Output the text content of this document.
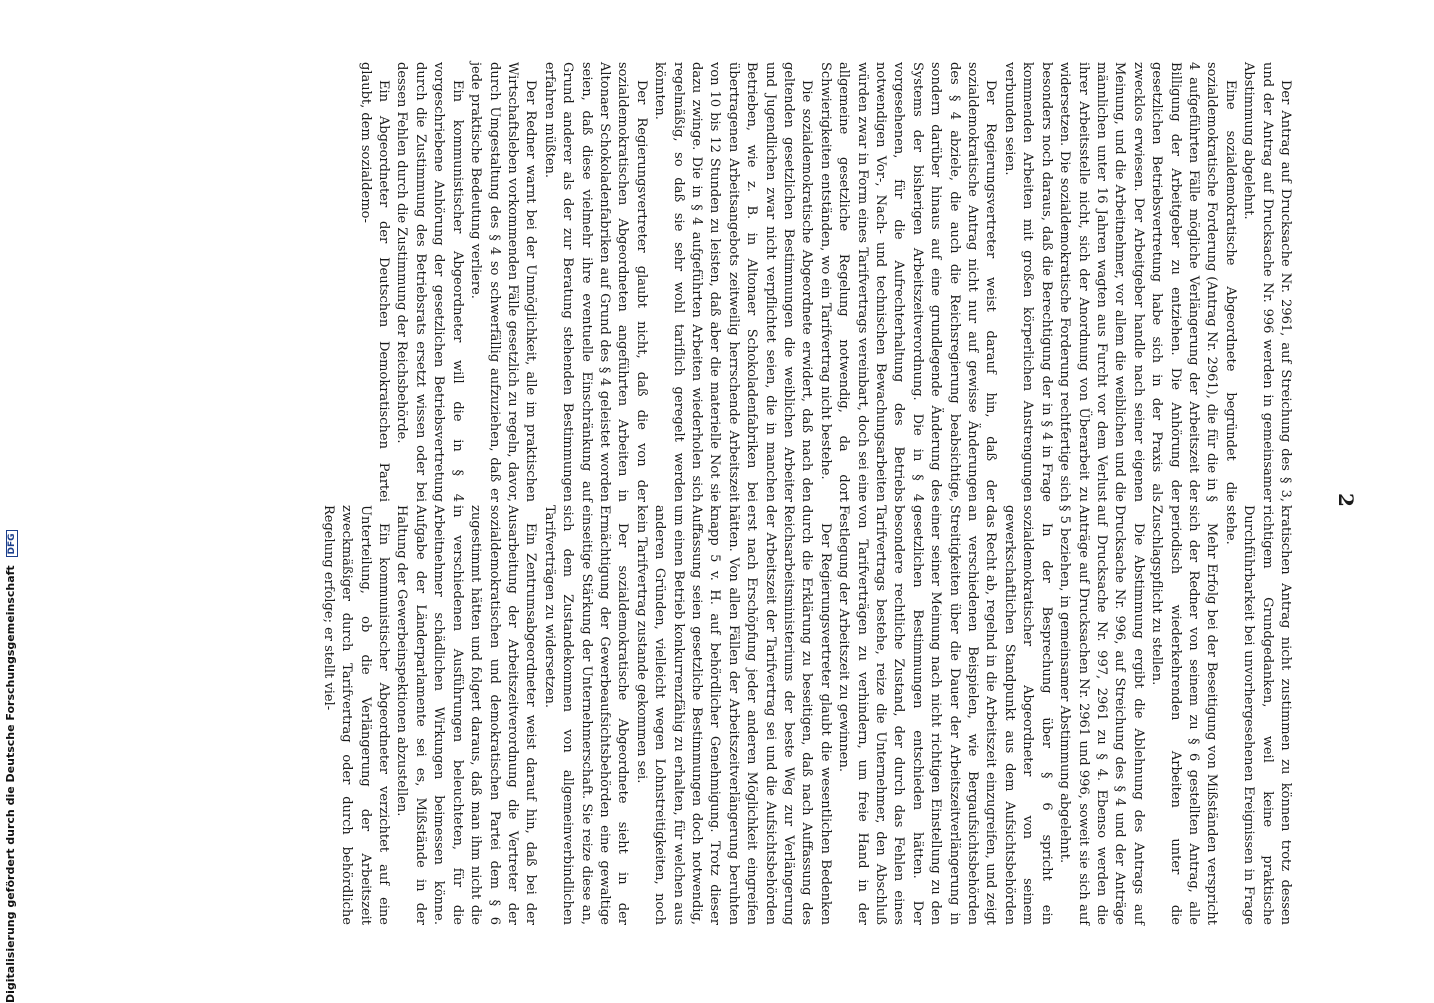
2

Der Antrag auf Drucksache Nr. 2961, auf Streichung des § 3, und der Antrag auf Drucksache Nr. 996 werden in gemeinsamer Abstimmung abgelehnt.

Eine sozialdemokratische Abgeordnete begründet die sozialdemokratische Forderung (Antrag Nr. 2961), die für die in § 4 aufgeführten Fälle mögliche Verlängerung der Arbeitszeit der Billigung der Arbeitgeber zu entziehen. Die Anhörung der gesetzlichen Betriebsvertretung habe sich in der Praxis als zwecklos erwiesen. Der Arbeitgeber handle nach seiner eigenen Meinung, und die Arbeitnehmer, vor allem die weiblichen und die männlichen unter 16 Jahren wagten aus Furcht vor dem Verlust ihrer Arbeitsstelle nicht, sich der Anordnung von Überarbeit zu widersetzen. Die sozialdemokratische Forderung rechtfertige sich besonders noch daraus, daß die Berechtigung der in § 4 in Frage kommenden Arbeiten mit großen körperlichen Anstrengungen verbunden seien.

Der Regierungsvertreter weist darauf hin, daß der sozialdemokratische Antrag nicht nur auf gewisse Änderungen des § 4 abziele, die auch die Reichsregierung beabsichtige, sondern darüber hinaus auf eine grundlegende Änderung des Systems der bisherigen Arbeitszeitverordnung. Die in § 4 vorgesehenen, für die Aufrechterhaltung des Betriebs notwendigen Vor-, Nach- und technischen Bewachungsarbeiten würden zwar in Form eines Tarifvertrags vereinbart, doch sei eine allgemeine gesetzliche Regelung notwendig, da dort Schwierigkeiten entständen, wo ein Tarifvertrag nicht bestehe.

Die sozialdemokratische Abgeordnete erwidert, daß nach den geltenden gesetzlichen Bestimmungen die weiblichen Arbeiter und Jugendlichen zwar nicht verpflichtet seien, die in manchen Betrieben, wie z. B. in Altonaer Schokoladenfabriken bei übertragenen Arbeitsangebots zeitweilig herrschende Arbeitszeit von 10 bis 12 Stunden zu leisten, daß aber die materielle Not sie dazu zwinge. Die in § 4 aufgeführten Arbeiten wiederholen sich regelmäßig, so daß sie sehr wohl tariflich geregelt werden könnten.

Der Regierungsvertreter glaubt nicht, daß die von der sozialdemokratischen Abgeordneten angeführten Arbeiten in Altonaer Schokoladenfabriken auf Grund des § 4 geleistet worden seien, daß diese vielmehr ihre eventuelle Einschränkung auf Grund anderer als der zur Beratung stehenden Bestimmungen erfahren müßten.

Der Redner warnt bei der Unmöglichkeit, alle im praktischen Wirtschaftsleben vorkommenden Fälle gesetzlich zu regeln, davor, durch Umgestaltung des § 4 so schwerfällig aufzuziehen, daß er jede praktische Bedeutung verliere.

Ein kommunistischer Abgeordneter will die in § 4 vorgeschriebene Anhörung der gesetzlichen Betriebsvertretung durch die Zustimmung des Betriebsrats ersetzt wissen oder bei dessen Fehlen durch die Zustimmung der Reichsbehörde.

Ein Abgeordneter der Deutschen Demokratischen Partei glaubt, dem sozialdemo-

kratischen Antrag nicht zustimmen zu können trotz dessen richtigem Grundgedanken, weil keine praktische Durchführbarkeit bei unvorhergesehenen Ereignissen in Frage stehe.

Mehr Erfolg bei der Beseitigung von Mißständen verspricht sich der Redner von seinem zu § 6 gestellten Antrag, alle periodisch wiederkehrenden Arbeiten unter die Zuschlagspflicht zu stellen.

Die Abstimmung ergibt die Ablehnung des Antrags auf Drucksache Nr. 996, auf Streichung des § 4 und der Anträge auf Drucksache Nr. 997, 2961 zu § 4. Ebenso werden die Anträge auf Drucksachen Nr. 2961 und 996, soweit sie sich auf § 5 beziehen, in gemeinsamer Abstimmung abgelehnt.

In der Besprechung über § 6 spricht ein sozialdemokratischer Abgeordneter von seinem gewerkschaftlichen Standpunkt aus dem Aufsichtsbehörden das Recht ab, regelnd in die Arbeitszeit einzugreifen, und zeigt an verschiedenen Beispielen, wie Bergaufsichtsbehörden Streitigkeiten über die Dauer der Arbeitszeitverlängerung in einer seiner Meinung nach nicht richtigen Einstellung zu den gesetzlichen Bestimmungen entschieden hätten. Der besondere rechtliche Zustand, der durch das Fehlen eines Tarifvertrags bestehe, reize die Unternehmer, den Abschluß von Tarifverträgen zu verhindern, um freie Hand in der Festlegung der Arbeitszeit zu gewinnen.

Der Regierungsvertreter glaubt die wesentlichen Bedenken durch die Erklärung zu beseitigen, daß nach Auffassung des Reichsarbeitsministeriums der beste Weg zur Verlängerung der Arbeitszeit der Tarifvertrag sei und die Aufsichtsbehörden erst nach Erschöpfung jeder anderen Möglichkeit eingreifen hätten. Von allen Fällen der Arbeitszeitverlängerung beruhten knapp 5 v. H. auf behördlicher Genehmigung. Trotz dieser Auffassung seien gesetzliche Bestimmungen doch notwendig, um einen Betrieb konkurrenzfähig zu erhalten, für welchen aus anderen Gründen, vielleicht wegen Lohnstreitigkeiten, noch kein Tarifvertrag zustande gekommen sei.

Der sozialdemokratische Abgeordnete sieht in der Ermächtigung der Gewerbeaufsichtsbehörden eine gewaltige einseitige Stärkung der Unternehmerschaft. Sie reize diese an, sich dem Zustandekommen von allgemeinverbindlichen Tarifverträgen zu widersetzen.

Ein Zentrumsabgeordneter weist darauf hin, daß bei der Ausarbeitung der Arbeitszeitverordnung die Vertreter der sozialdemokratischen und demokratischen Partei dem § 6 zugestimmt hätten und folgert daraus, daß man ihm nicht die in verschiedenen Ausführungen beleuchteten, für die Arbeitnehmer schädlichen Wirkungen beimessen könne. Aufgabe der Länderparlamente sei es, Mißstände in der Haltung der Gewerbeinspektionen abzustellen.

Ein kommunistischer Abgeordneter verzichtet auf eine Unterteilung, ob die Verlängerung der Arbeitszeit zweckmäßiger durch Tarifvertrag oder durch behördliche Regelung erfolge; er stellt viel-

Digitalisierung gefördert durch die Deutsche Forschungsgemeinschaft DFG
